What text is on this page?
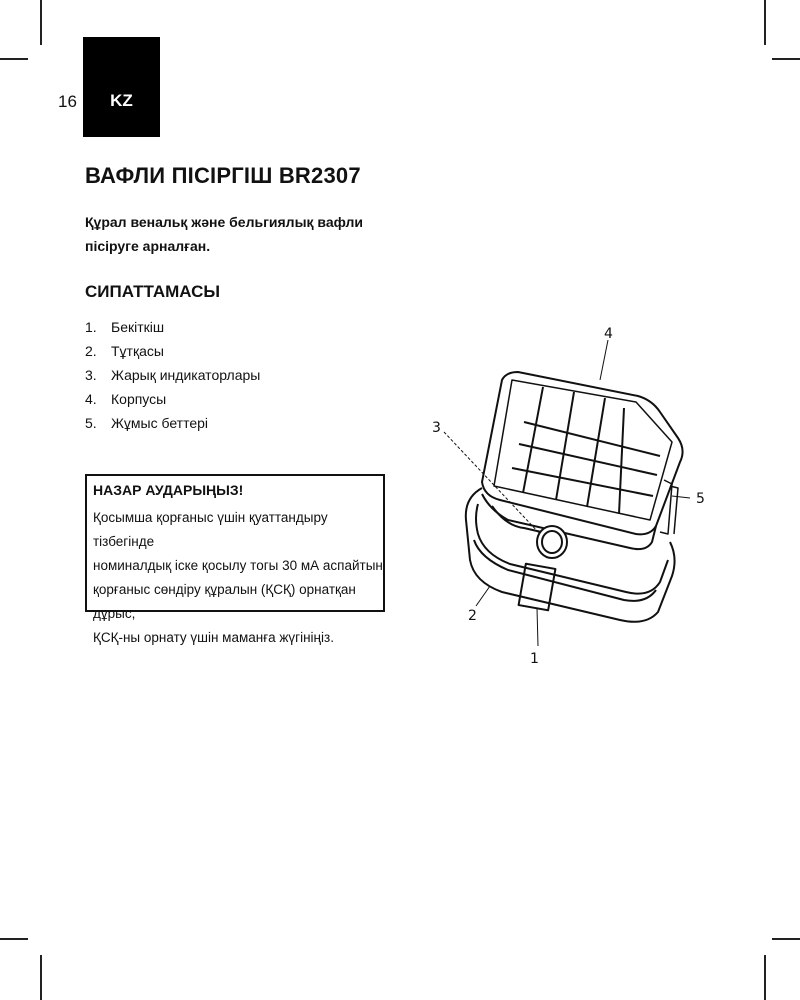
16	KZ
ВАФЛИ ПІСІРГІШ BR2307

Құрал венальқ және бельгиялық вафли пісіруге арналған.

СИПАТТАМАСЫ
1.	Бекіткіш
2.	Тұтқасы
3.	Жарық индикаторлары
4.	Корпусы
5.	Жұмыс беттері

НАЗАР АУДАРЫҢЫЗ!

Қосымша қорғаныс үшін қуаттандыру тізбегінде
номиналдық іске қосылу тогы 30 мА аспайтын
қорғаныс сөндіру құралын (ҚСҚ) орнатқан дұрыс,
ҚСҚ-ны орнату үшін маманға жүгініңіз.

4
3
5
2
1
